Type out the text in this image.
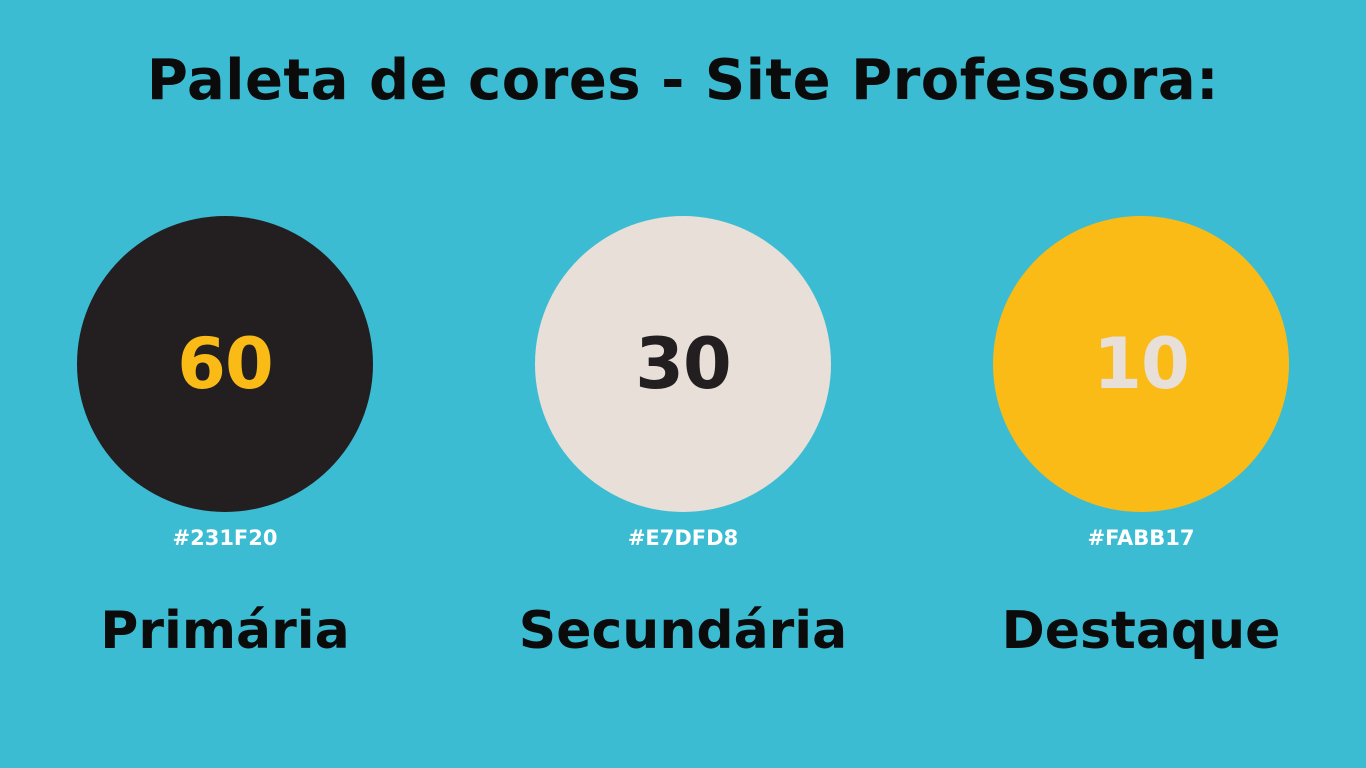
Paleta de cores - Site Professora:
60
#231F20
Primária
30
#E7DFD8
Secundária
10
#FABB17
Destaque
